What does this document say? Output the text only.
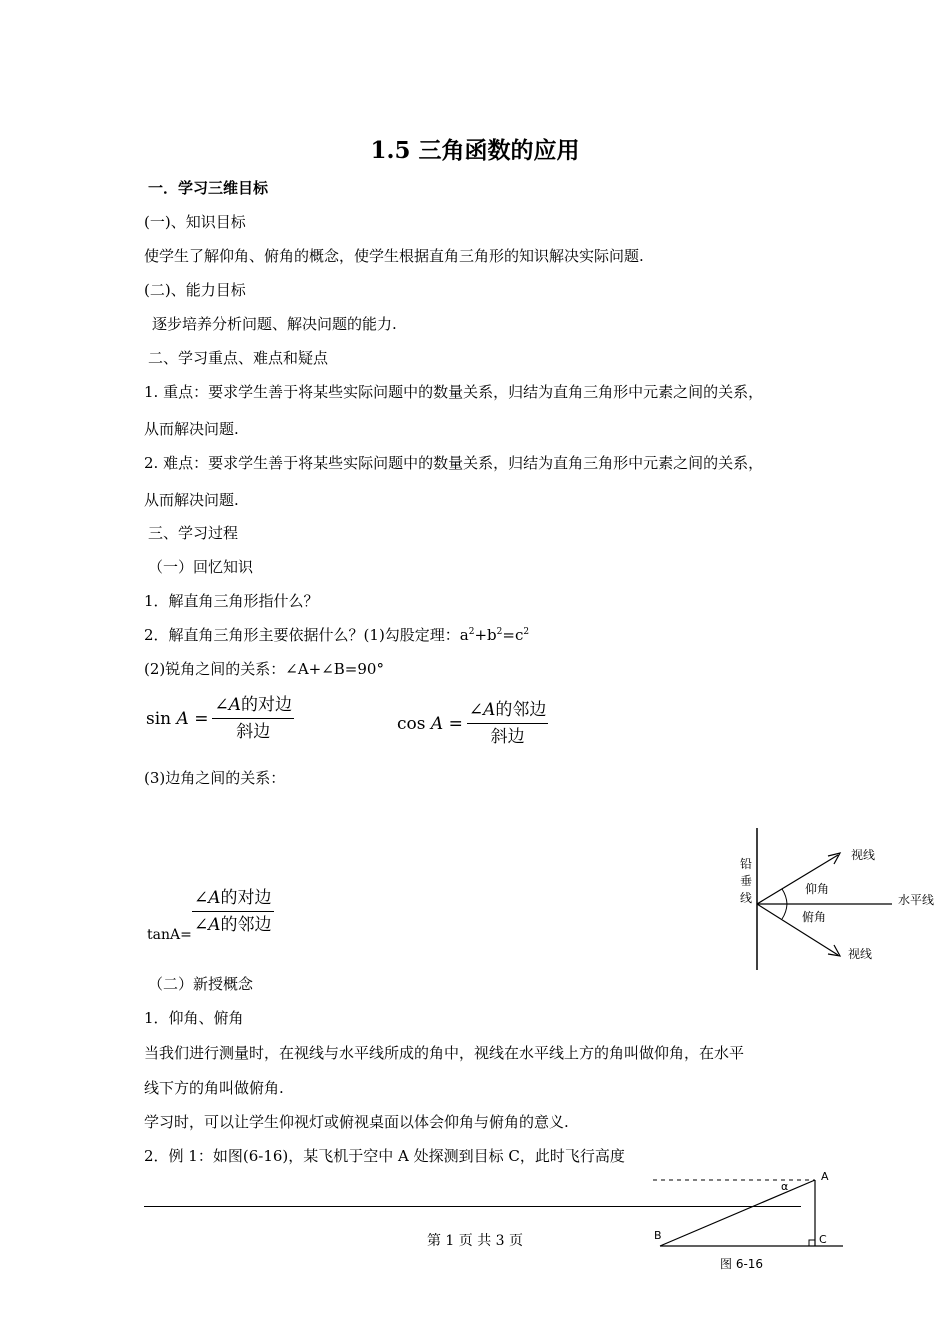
1.5 三角函数的应用
一．学习三维目标
(一)、知识目标
使学生了解仰角、俯角的概念，使学生根据直角三角形的知识解决实际问题.
(二)、能力目标
逐步培养分析问题、解决问题的能力.
二、学习重点、难点和疑点
1. 重点：要求学生善于将某些实际问题中的数量关系，归结为直角三角形中元素之间的关系，
从而解决问题.
2. 难点：要求学生善于将某些实际问题中的数量关系，归结为直角三角形中元素之间的关系，
从而解决问题.
三、学习过程
（一）回忆知识
1．解直角三角形指什么？
2．解直角三角形主要依据什么？(1)勾股定理：$a^2+b^2=c^2$
(2)锐角之间的关系：∠A+∠B=90°
$\sin A = \frac{\text{∠A的对边}}{\text{斜边}}$	$\cos A = \frac{\text{∠A的邻边}}{\text{斜边}}$
(3)边角之间的关系：
$\tan A= \frac{\text{∠A的对边}}{\text{∠A的邻边}}$
视线
视线
仰角
俯角
水平线
铅
垂
线
（二）新授概念
1．仰角、俯角
当我们进行测量时，在视线与水平线所成的角中，视线在水平线上方的角叫做仰角，在水平
线下方的角叫做俯角.
学习时，可以让学生仰视灯或俯视桌面以体会仰角与俯角的意义.
2．例 1：如图(6-16)，某飞机于空中 A 处探测到目标 C，此时飞行高度
A
B	C
α
图 6-16
第 1 页 共 3 页
